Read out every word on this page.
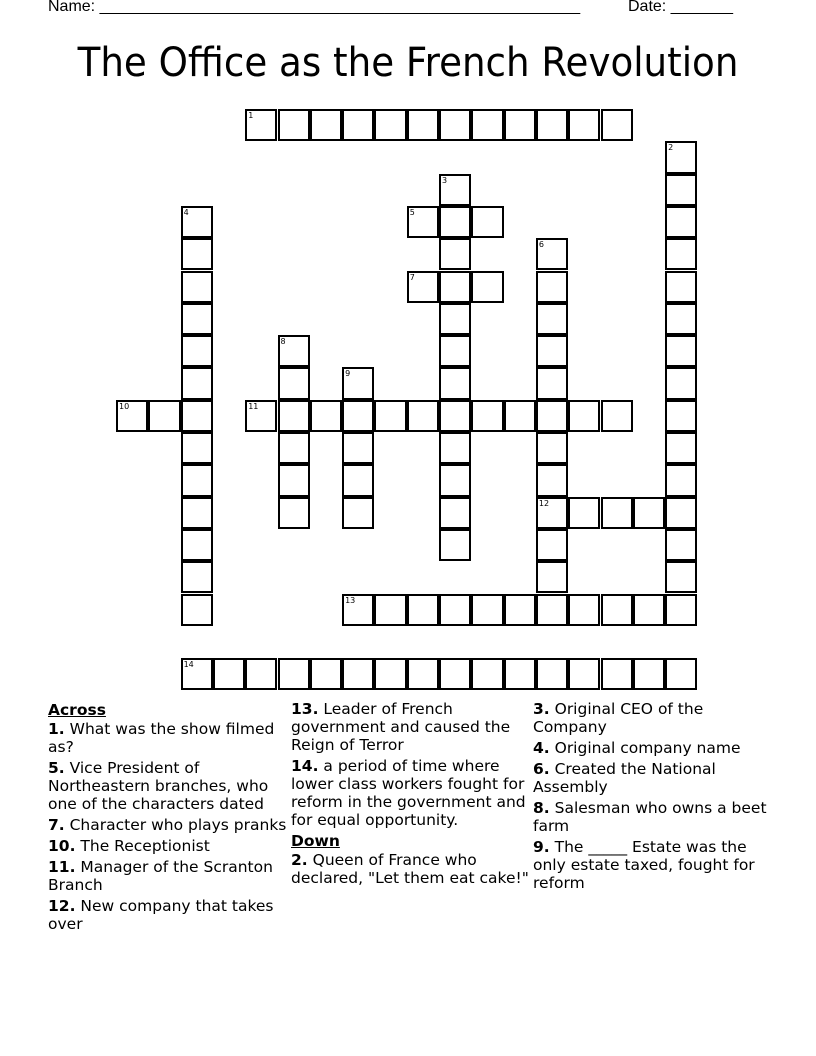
Name: ______________________________________________________	Date: _______
The Office as the French Revolution
1
2
3
4	5
6
12
7
8
9
10	11
13
14
Across
1. What was the show filmed as?
5. Vice President of Northeastern branches, who one of the characters dated
7. Character who plays pranks
10. The Receptionist
11. Manager of the Scranton Branch
12. New company that takes over
13. Leader of French government and caused the Reign of Terror
14. a period of time where lower class workers fought for reform in the government and for equal opportunity.
Down
2. Queen of France who declared, "Let them eat cake!"
3. Original CEO of the Company
4. Original company name
6. Created the National Assembly
8. Salesman who owns a beet farm
9. The _____ Estate was the only estate taxed, fought for reform
